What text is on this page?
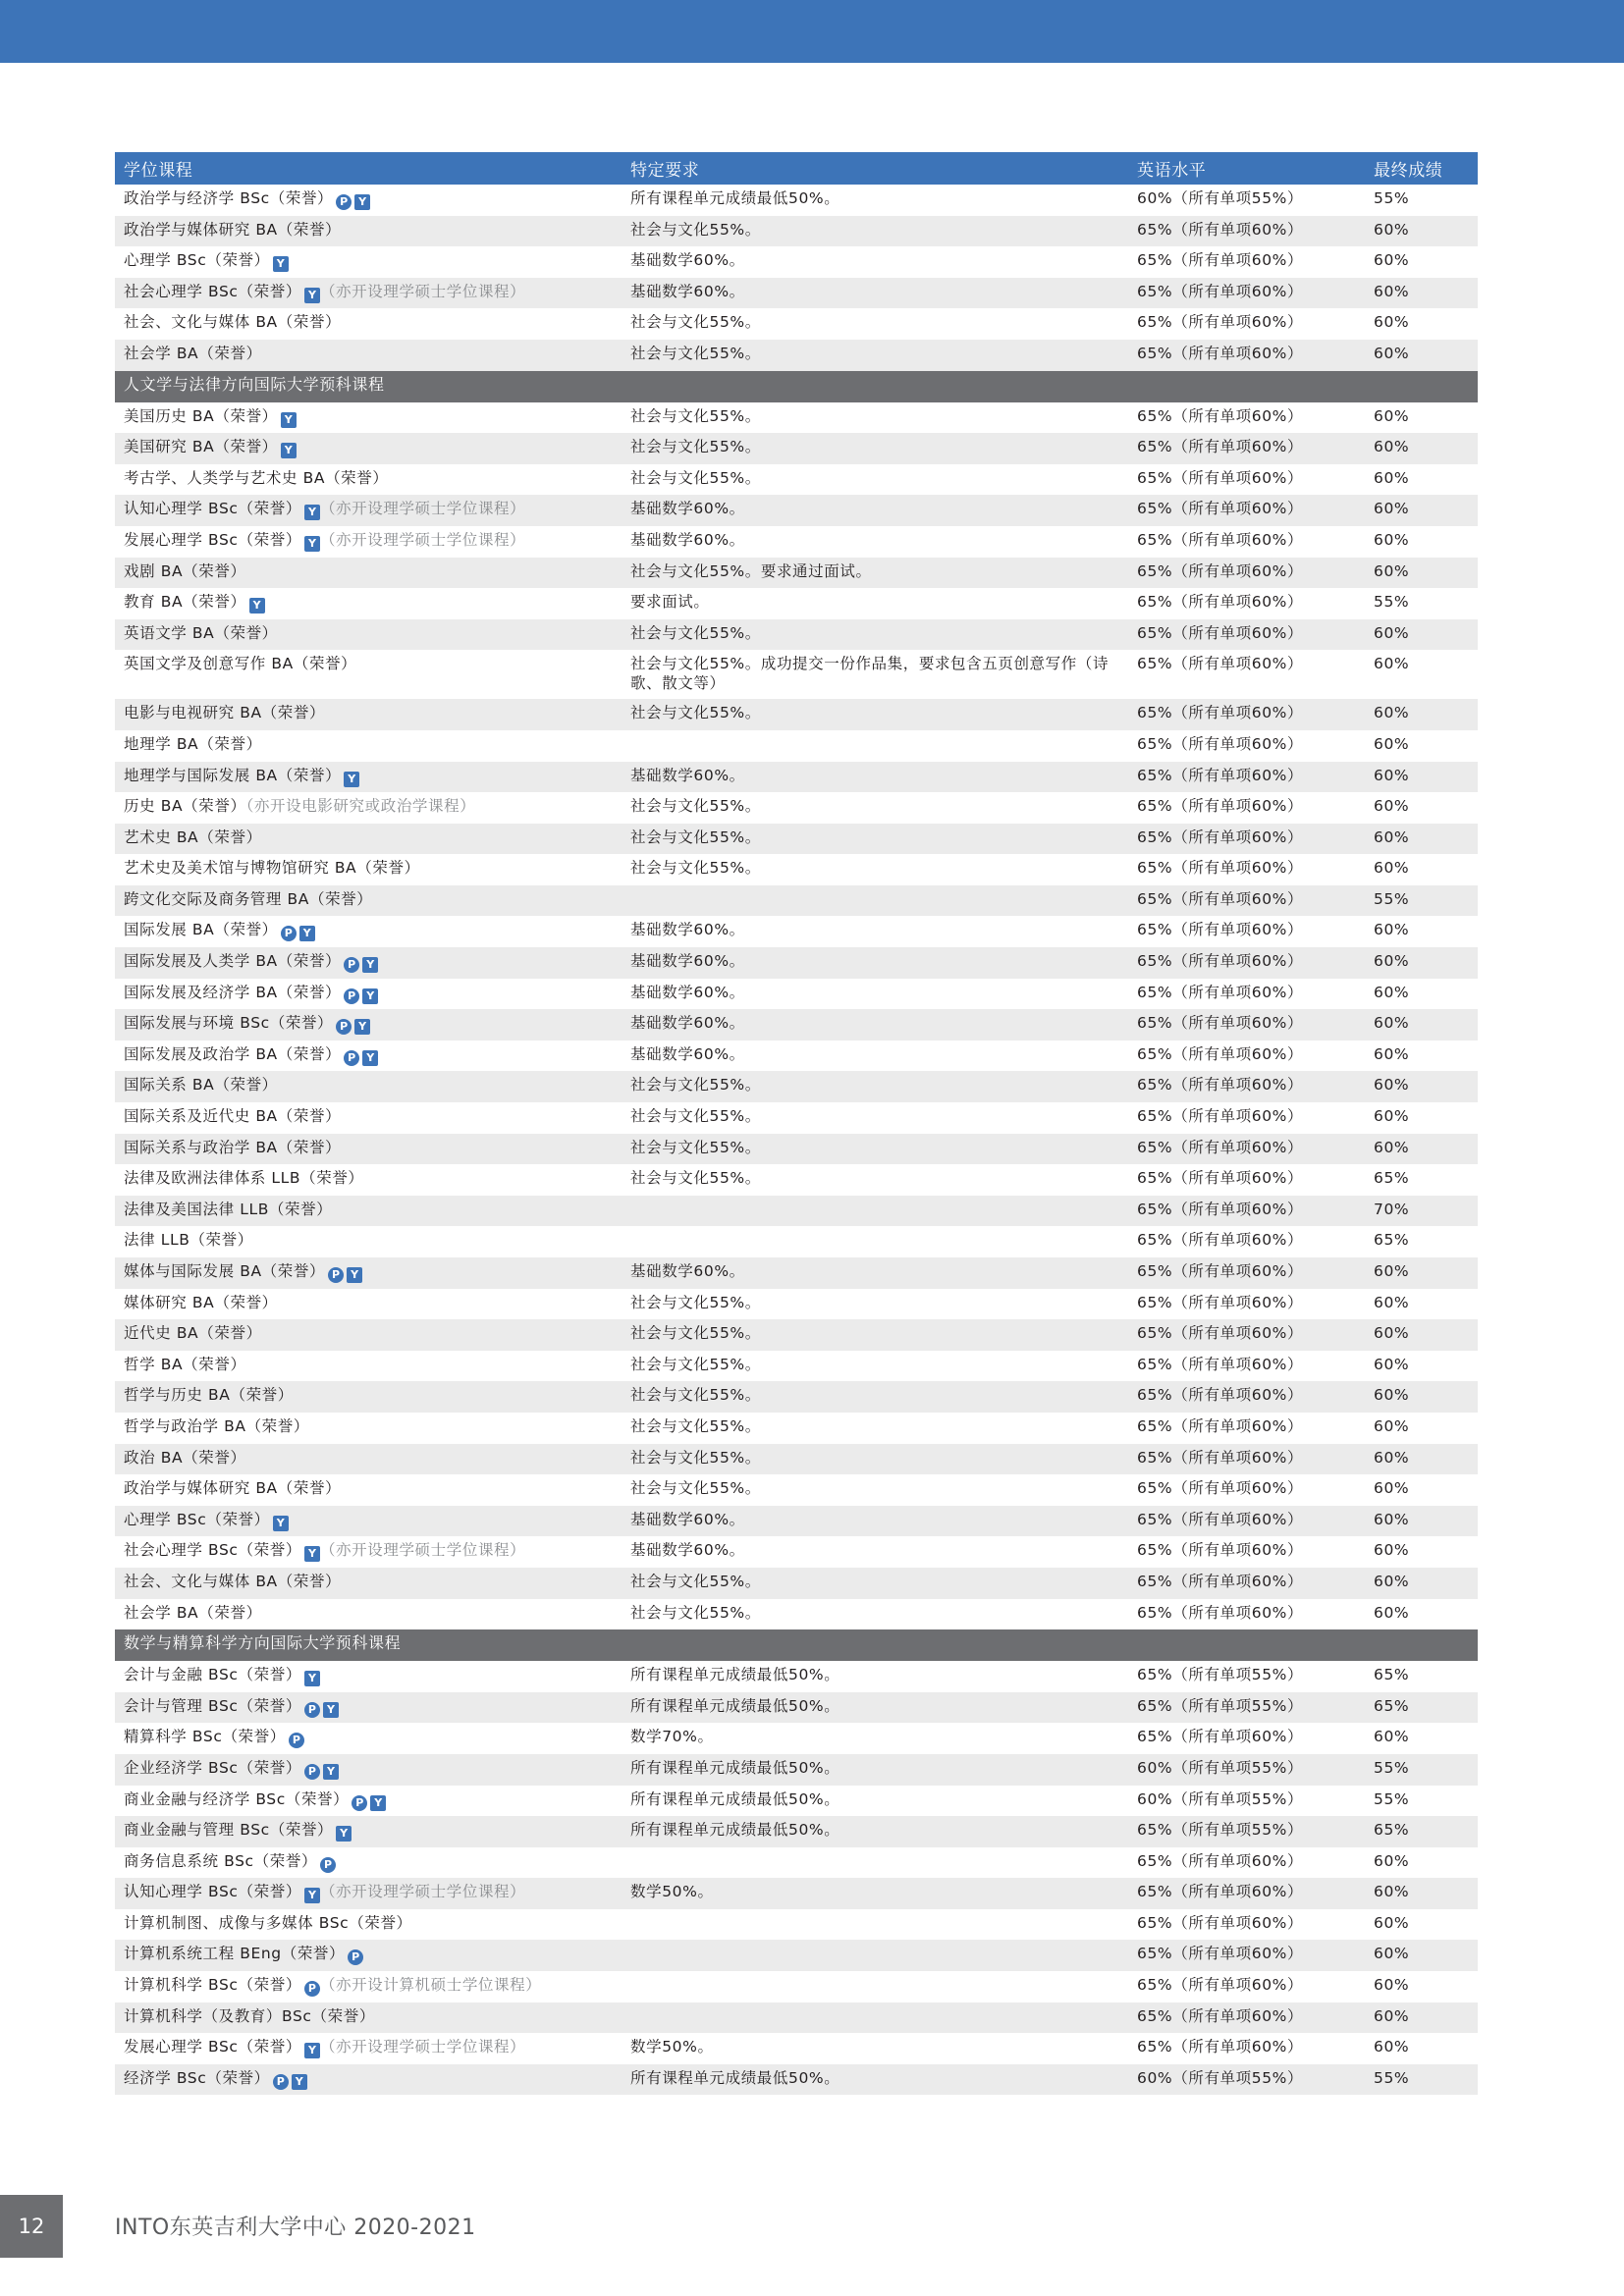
学位课程	特定要求	英语水平	最终成绩
政治学与经济学 BSc（荣誉） P Y	所有课程单元成绩最低50%。	60%（所有单项55%）	55%
政治学与媒体研究 BA（荣誉）	社会与文化55%。	65%（所有单项60%）	60%
心理学 BSc（荣誉） Y	基础数学60%。	65%（所有单项60%）	60%
社会心理学 BSc（荣誉） Y （亦开设理学硕士学位课程）	基础数学60%。	65%（所有单项60%）	60%
社会、文化与媒体 BA（荣誉）	社会与文化55%。	65%（所有单项60%）	60%
社会学 BA（荣誉）	社会与文化55%。	65%（所有单项60%）	60%
人文学与法律方向国际大学预科课程			
美国历史 BA（荣誉） Y	社会与文化55%。	65%（所有单项60%）	60%
美国研究 BA（荣誉） Y	社会与文化55%。	65%（所有单项60%）	60%
考古学、人类学与艺术史 BA（荣誉）	社会与文化55%。	65%（所有单项60%）	60%
认知心理学 BSc（荣誉） Y （亦开设理学硕士学位课程）	基础数学60%。	65%（所有单项60%）	60%
发展心理学 BSc（荣誉） Y （亦开设理学硕士学位课程）	基础数学60%。	65%（所有单项60%）	60%
戏剧 BA（荣誉）	社会与文化55%。要求通过面试。	65%（所有单项60%）	60%
教育 BA（荣誉） Y	要求面试。	65%（所有单项60%）	55%
英语文学 BA（荣誉）	社会与文化55%。	65%（所有单项60%）	60%
英国文学及创意写作 BA（荣誉）	社会与文化55%。成功提交一份作品集，要求包含五页创意写作（诗歌、散文等）	65%（所有单项60%）	60%
电影与电视研究 BA（荣誉）	社会与文化55%。	65%（所有单项60%）	60%
地理学 BA（荣誉）		65%（所有单项60%）	60%
地理学与国际发展 BA（荣誉） Y	基础数学60%。	65%（所有单项60%）	60%
历史 BA（荣誉）（亦开设电影研究或政治学课程）	社会与文化55%。	65%（所有单项60%）	60%
艺术史 BA（荣誉）	社会与文化55%。	65%（所有单项60%）	60%
艺术史及美术馆与博物馆研究 BA（荣誉）	社会与文化55%。	65%（所有单项60%）	60%
跨文化交际及商务管理 BA（荣誉）		65%（所有单项60%）	55%
国际发展 BA（荣誉） P Y	基础数学60%。	65%（所有单项60%）	60%
国际发展及人类学 BA（荣誉） P Y	基础数学60%。	65%（所有单项60%）	60%
国际发展及经济学 BA（荣誉） P Y	基础数学60%。	65%（所有单项60%）	60%
国际发展与环境 BSc（荣誉） P Y	基础数学60%。	65%（所有单项60%）	60%
国际发展及政治学 BA（荣誉） P Y	基础数学60%。	65%（所有单项60%）	60%
国际关系 BA（荣誉）	社会与文化55%。	65%（所有单项60%）	60%
国际关系及近代史 BA（荣誉）	社会与文化55%。	65%（所有单项60%）	60%
国际关系与政治学 BA（荣誉）	社会与文化55%。	65%（所有单项60%）	60%
法律及欧洲法律体系 LLB（荣誉）	社会与文化55%。	65%（所有单项60%）	65%
法律及美国法律 LLB（荣誉）		65%（所有单项60%）	70%
法律 LLB（荣誉）		65%（所有单项60%）	65%
媒体与国际发展 BA（荣誉） P Y	基础数学60%。	65%（所有单项60%）	60%
媒体研究 BA（荣誉）	社会与文化55%。	65%（所有单项60%）	60%
近代史 BA（荣誉）	社会与文化55%。	65%（所有单项60%）	60%
哲学 BA（荣誉）	社会与文化55%。	65%（所有单项60%）	60%
哲学与历史 BA（荣誉）	社会与文化55%。	65%（所有单项60%）	60%
哲学与政治学 BA（荣誉）	社会与文化55%。	65%（所有单项60%）	60%
政治 BA（荣誉）	社会与文化55%。	65%（所有单项60%）	60%
政治学与媒体研究 BA（荣誉）	社会与文化55%。	65%（所有单项60%）	60%
心理学 BSc（荣誉） Y	基础数学60%。	65%（所有单项60%）	60%
社会心理学 BSc（荣誉） Y （亦开设理学硕士学位课程）	基础数学60%。	65%（所有单项60%）	60%
社会、文化与媒体 BA（荣誉）	社会与文化55%。	65%（所有单项60%）	60%
社会学 BA（荣誉）	社会与文化55%。	65%（所有单项60%）	60%
数学与精算科学方向国际大学预科课程			
会计与金融 BSc（荣誉） Y	所有课程单元成绩最低50%。	65%（所有单项55%）	65%
会计与管理 BSc（荣誉） P Y	所有课程单元成绩最低50%。	65%（所有单项55%）	65%
精算科学 BSc（荣誉） P	数学70%。	65%（所有单项60%）	60%
企业经济学 BSc（荣誉） P Y	所有课程单元成绩最低50%。	60%（所有单项55%）	55%
商业金融与经济学 BSc（荣誉） P Y	所有课程单元成绩最低50%。	60%（所有单项55%）	55%
商业金融与管理 BSc（荣誉） Y	所有课程单元成绩最低50%。	65%（所有单项55%）	65%
商务信息系统 BSc（荣誉） P		65%（所有单项60%）	60%
认知心理学 BSc（荣誉） Y （亦开设理学硕士学位课程）	数学50%。	65%（所有单项60%）	60%
计算机制图、成像与多媒体 BSc（荣誉）		65%（所有单项60%）	60%
计算机系统工程 BEng（荣誉） P		65%（所有单项60%）	60%
计算机科学 BSc（荣誉） P （亦开设计算机硕士学位课程）		65%（所有单项60%）	60%
计算机科学（及教育）BSc（荣誉）		65%（所有单项60%）	60%
发展心理学 BSc（荣誉） Y （亦开设理学硕士学位课程）	数学50%。	65%（所有单项60%）	60%
经济学 BSc（荣誉） P Y	所有课程单元成绩最低50%。	60%（所有单项55%）	55%
12	INTO东英吉利大学中心 2020-2021
